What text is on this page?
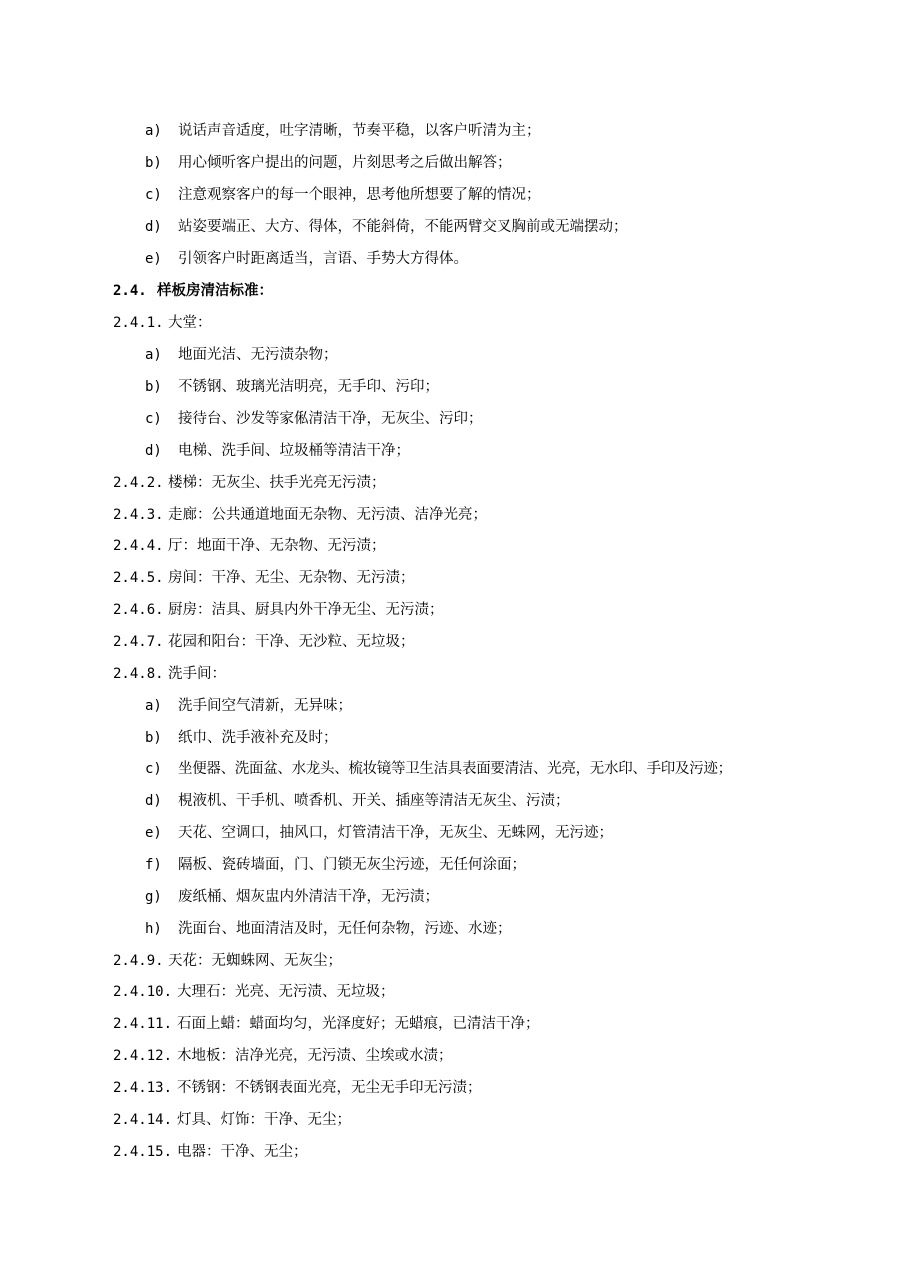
a) 说话声音适度，吐字清晰，节奏平稳，以客户听清为主；
b) 用心倾听客户提出的问题，片刻思考之后做出解答；
c) 注意观察客户的每一个眼神，思考他所想要了解的情况；
d) 站姿要端正、大方、得体，不能斜倚，不能两臂交叉胸前或无端摆动；
e) 引领客户时距离适当，言语、手势大方得体。
2.4. 样板房清洁标准：
2.4.1. 大堂：
a) 地面光洁、无污渍杂物；
b) 不锈钢、玻璃光洁明亮，无手印、污印；
c) 接待台、沙发等家俬清洁干净，无灰尘、污印；
d) 电梯、洗手间、垃圾桶等清洁干净；
2.4.2. 楼梯：无灰尘、扶手光亮无污渍；
2.4.3. 走廊：公共通道地面无杂物、无污渍、洁净光亮；
2.4.4. 厅：地面干净、无杂物、无污渍；
2.4.5. 房间：干净、无尘、无杂物、无污渍；
2.4.6. 厨房：洁具、厨具内外干净无尘、无污渍；
2.4.7. 花园和阳台：干净、无沙粒、无垃圾；
2.4.8. 洗手间：
a) 洗手间空气清新，无异味；
b) 纸巾、洗手液补充及时；
c) 坐便器、洗面盆、水龙头、梳妆镜等卫生洁具表面要清洁、光亮，无水印、手印及污迹；
d) 梘液机、干手机、喷香机、开关、插座等清洁无灰尘、污渍；
e) 天花、空调口，抽风口，灯管清洁干净，无灰尘、无蛛网，无污迹；
f) 隔板、瓷砖墙面，门、门锁无灰尘污迹，无任何涂面；
g) 废纸桶、烟灰盅内外清洁干净，无污渍；
h) 洗面台、地面清洁及时，无任何杂物，污迹、水迹；
2.4.9. 天花：无蜘蛛网、无灰尘；
2.4.10. 大理石：光亮、无污渍、无垃圾；
2.4.11. 石面上蜡：蜡面均匀，光泽度好；无蜡痕，已清洁干净；
2.4.12. 木地板：洁净光亮，无污渍、尘埃或水渍；
2.4.13. 不锈钢：不锈钢表面光亮，无尘无手印无污渍；
2.4.14. 灯具、灯饰：干净、无尘；
2.4.15. 电器：干净、无尘；
